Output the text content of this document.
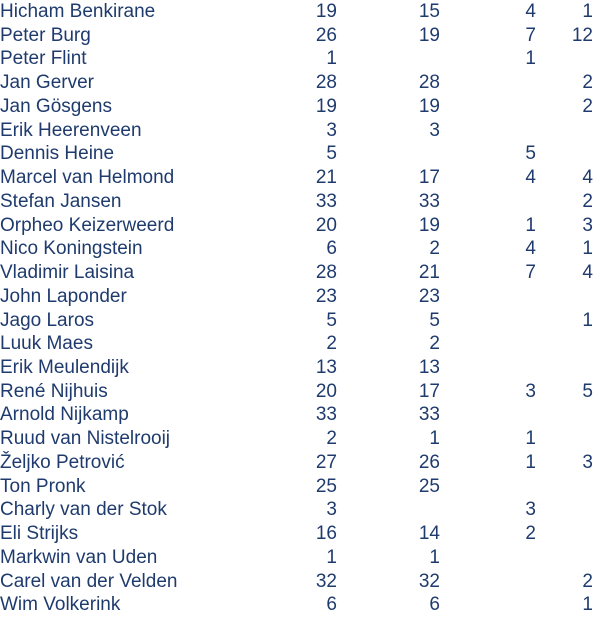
Hicham Benkirane	19	15	4	1	
Peter Burg	26	19	7	12	
Peter Flint	1		1		
Jan Gerver	28	28		2	
Jan Gösgens	19	19		2	
Erik Heerenveen	3	3			
Dennis Heine	5		5		
Marcel van Helmond	21	17	4	4	
Stefan Jansen	33	33		2	
Orpheo Keizerweerd	20	19	1	3	
Nico Koningstein	6	2	4	1	
Vladimir Laisina	28	21	7	4	
John Laponder	23	23			
Jago Laros	5	5		1	
Luuk Maes	2	2			
Erik Meulendijk	13	13			
René Nijhuis	20	17	3	5	
Arnold Nijkamp	33	33			
Ruud van Nistelrooij	2	1	1		
Željko Petrović	27	26	1	3	
Ton Pronk	25	25			
Charly van der Stok	3		3		
Eli Strijks	16	14	2		
Markwin van Uden	1	1			
Carel van der Velden	32	32		2	
Wim Volkerink	6	6		1	
